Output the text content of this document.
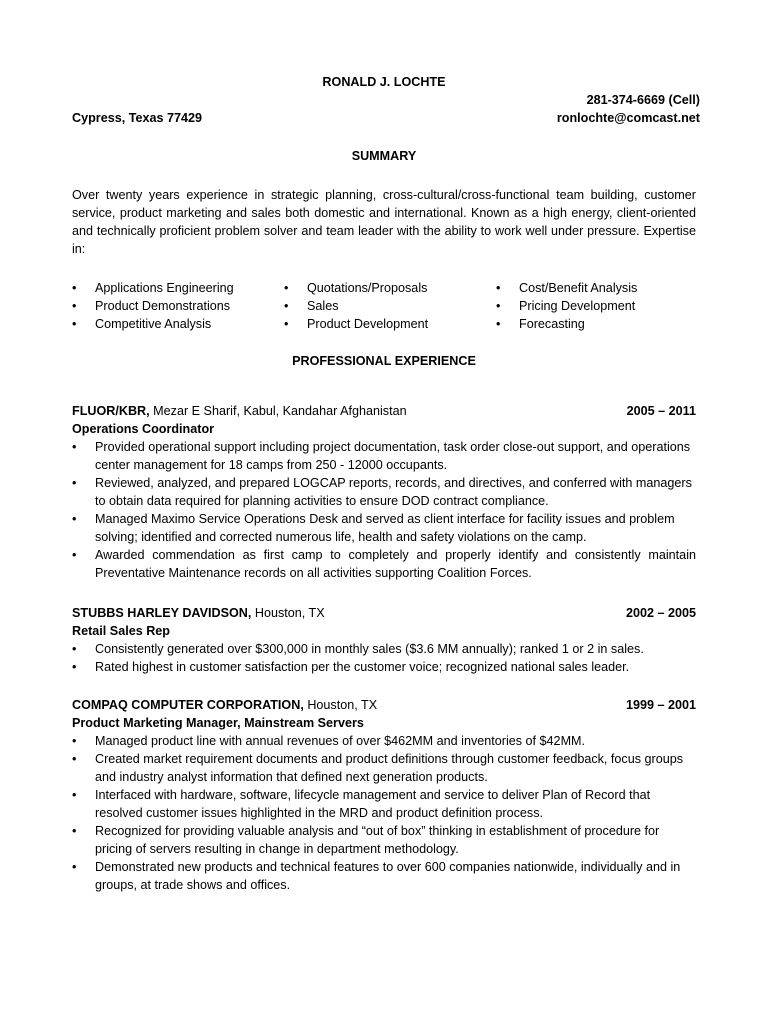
RONALD J. LOCHTE
281-374-6669 (Cell)
Cypress, Texas 77429	ronlochte@comcast.net
SUMMARY
Over twenty years experience in strategic planning, cross-cultural/cross-functional team building, customer service, product marketing and sales both domestic and international. Known as a high energy, client-oriented and technically proficient problem solver and team leader with the ability to work well under pressure. Expertise in:
• Applications Engineering
• Product Demonstrations
• Competitive Analysis
• Quotations/Proposals
• Sales
• Product Development
• Cost/Benefit Analysis
• Pricing Development
• Forecasting
PROFESSIONAL EXPERIENCE
FLUOR/KBR, Mezar E Sharif, Kabul, Kandahar Afghanistan	2005 – 2011
Operations Coordinator
• Provided operational support including project documentation, task order close-out support, and operations center management for 18 camps from 250 - 12000 occupants.
• Reviewed, analyzed, and prepared LOGCAP reports, records, and directives, and conferred with managers to obtain data required for planning activities to ensure DOD contract compliance.
• Managed Maximo Service Operations Desk and served as client interface for facility issues and problem solving; identified and corrected numerous life, health and safety violations on the camp.
• Awarded commendation as first camp to completely and properly identify and consistently maintain Preventative Maintenance records on all activities supporting Coalition Forces.
STUBBS HARLEY DAVIDSON, Houston, TX	2002 – 2005
Retail Sales Rep
• Consistently generated over $300,000 in monthly sales ($3.6 MM annually); ranked 1 or 2 in sales.
• Rated highest in customer satisfaction per the customer voice; recognized national sales leader.
COMPAQ COMPUTER CORPORATION, Houston, TX	1999 – 2001
Product Marketing Manager, Mainstream Servers
• Managed product line with annual revenues of over $462MM and inventories of $42MM.
• Created market requirement documents and product definitions through customer feedback, focus groups and industry analyst information that defined next generation products.
• Interfaced with hardware, software, lifecycle management and service to deliver Plan of Record that resolved customer issues highlighted in the MRD and product definition process.
• Recognized for providing valuable analysis and “out of box” thinking in establishment of procedure for pricing of servers resulting in change in department methodology.
• Demonstrated new products and technical features to over 600 companies nationwide, individually and in groups, at trade shows and offices.
